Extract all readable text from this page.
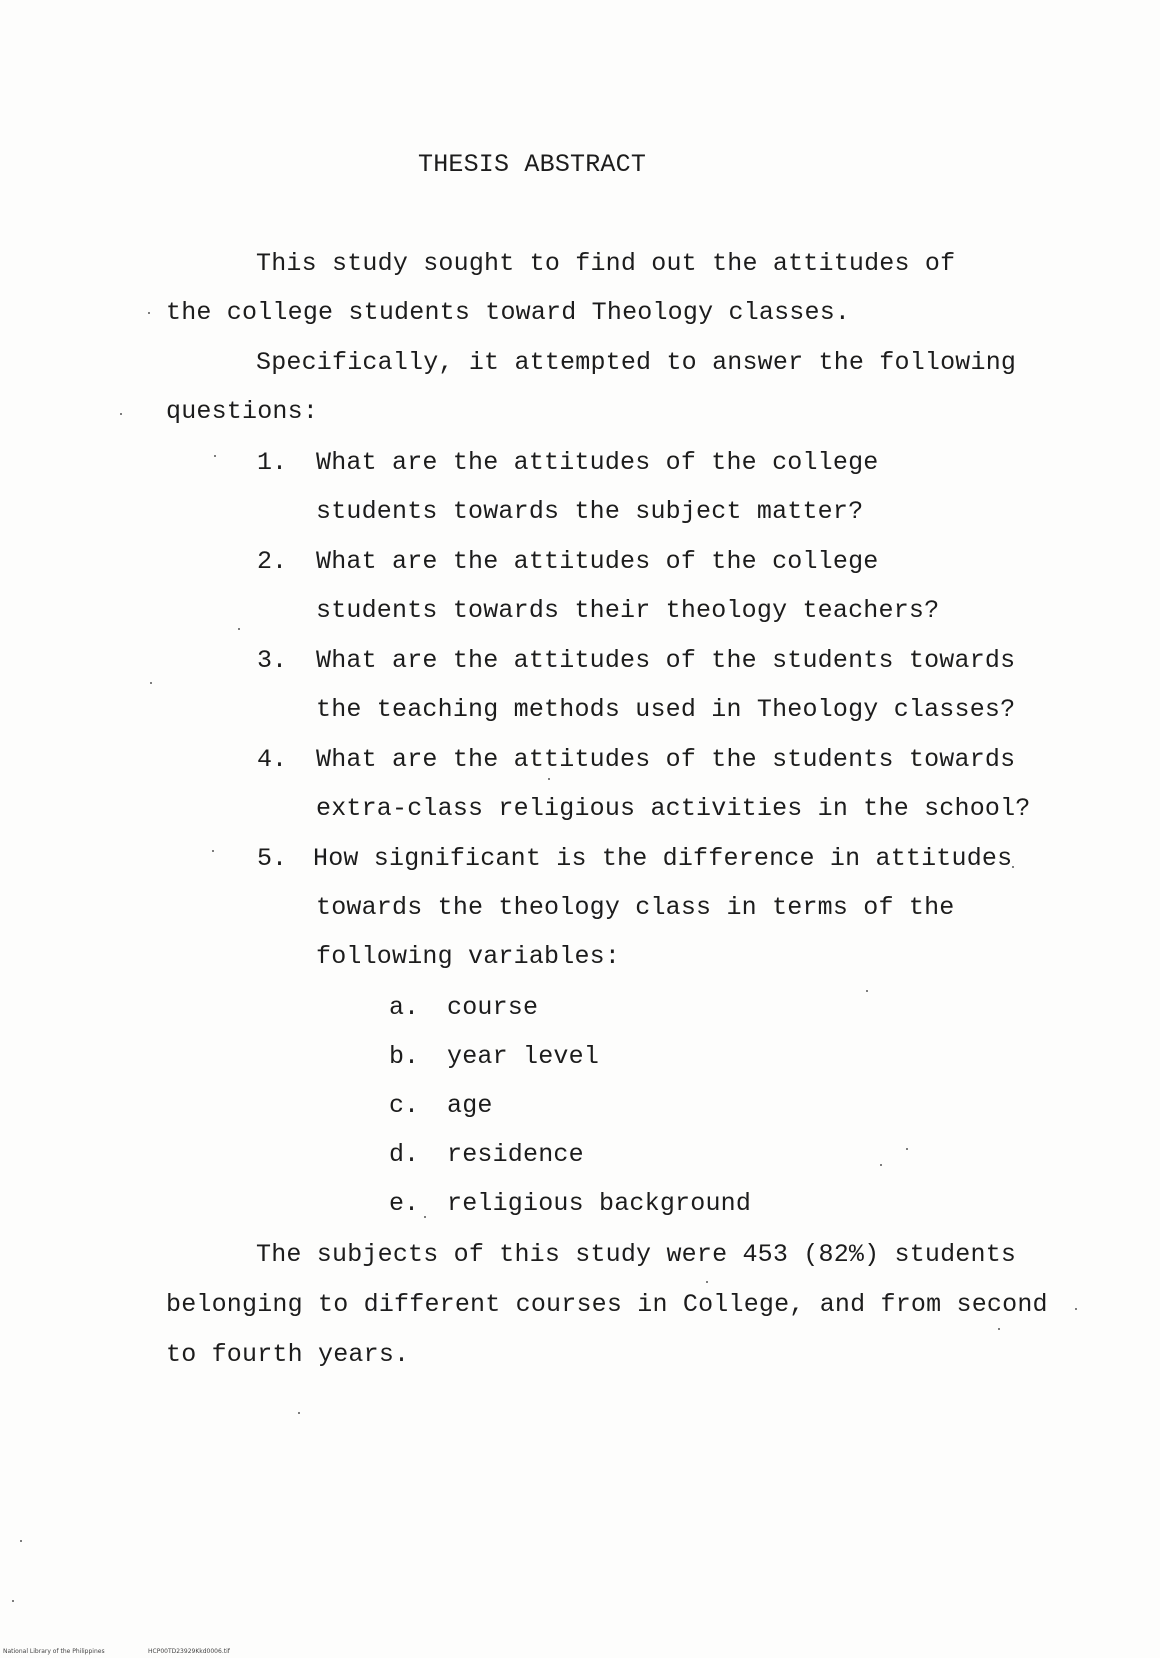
THESIS ABSTRACT
This study sought to find out the attitudes of
the college students toward Theology classes.
Specifically, it attempted to answer the following
questions:
1. What are the attitudes of the college
students towards the subject matter?
2. What are the attitudes of the college
students towards their theology teachers?
3. What are the attitudes of the students towards
the teaching methods used in Theology classes?
4. What are the attitudes of the students towards
extra-class religious activities in the school?
5. How significant is the difference in attitudes
towards the theology class in terms of the
following variables:
a. course
b. year level
c. age
d. residence
e. religious background
The subjects of this study were 453 (82%) students
belonging to different courses in College, and from second
to fourth years.
National Library of the Philippines	HCP00TD23929Kkd0006.tif
